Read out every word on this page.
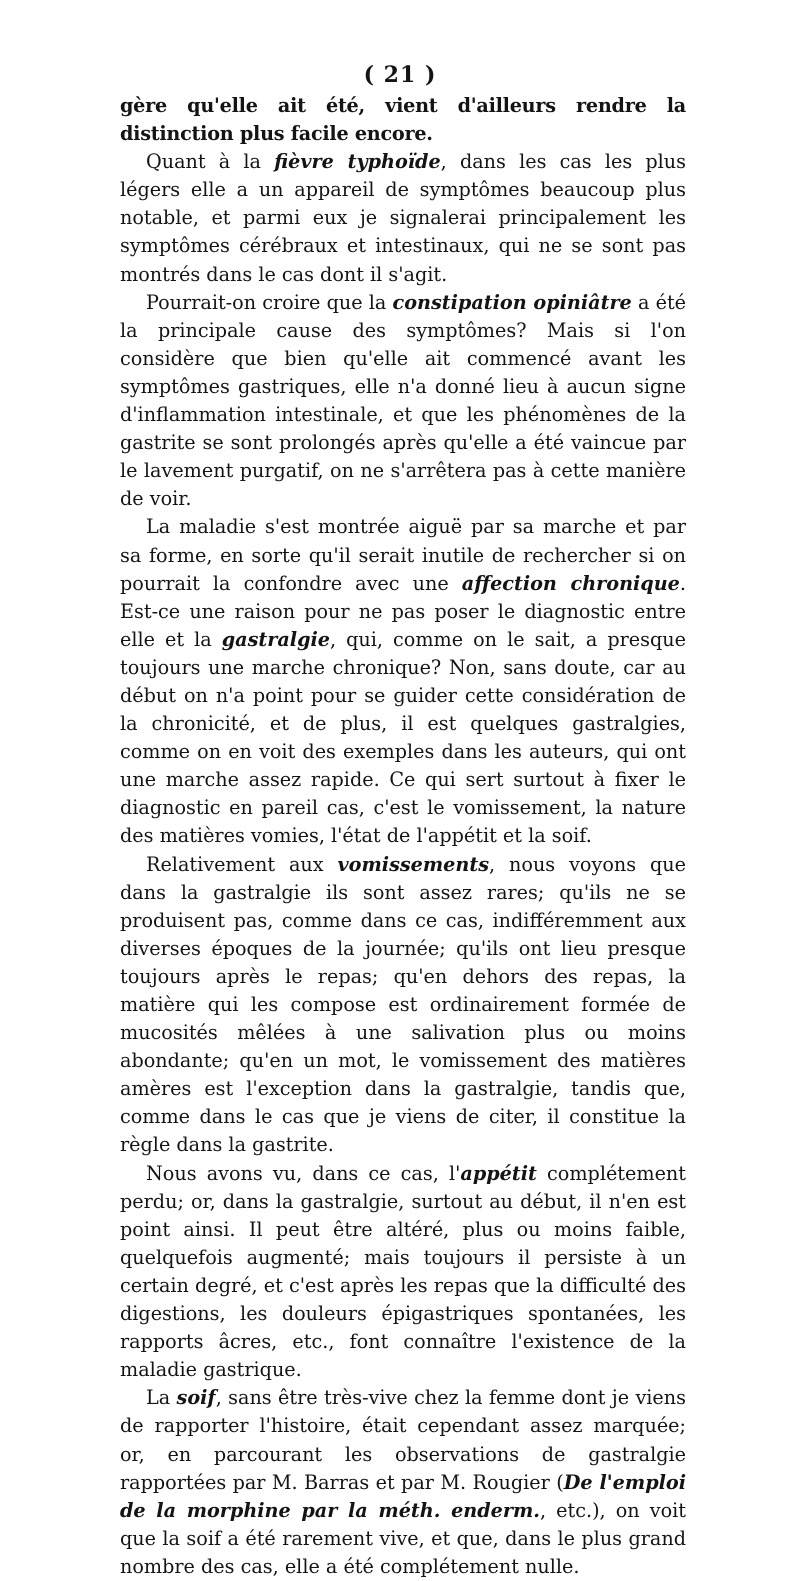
( 21 )

gère qu'elle ait été, vient d'ailleurs rendre la distinction plus facile encore.

Quant à la fièvre typhoïde, dans les cas les plus légers elle a un appareil de symptômes beaucoup plus notable, et parmi eux je signalerai principalement les symptômes cérébraux et intestinaux, qui ne se sont pas montrés dans le cas dont il s'agit.

Pourrait-on croire que la constipation opiniâtre a été la principale cause des symptômes? Mais si l'on considère que bien qu'elle ait commencé avant les symptômes gastriques, elle n'a donné lieu à aucun signe d'inflammation intestinale, et que les phénomènes de la gastrite se sont prolongés après qu'elle a été vaincue par le lavement purgatif, on ne s'arrêtera pas à cette manière de voir.

La maladie s'est montrée aiguë par sa marche et par sa forme, en sorte qu'il serait inutile de rechercher si on pourrait la confondre avec une affection chronique. Est-ce une raison pour ne pas poser le diagnostic entre elle et la gastralgie, qui, comme on le sait, a presque toujours une marche chronique? Non, sans doute, car au début on n'a point pour se guider cette considération de la chronicité, et de plus, il est quelques gastralgies, comme on en voit des exemples dans les auteurs, qui ont une marche assez rapide. Ce qui sert surtout à fixer le diagnostic en pareil cas, c'est le vomissement, la nature des matières vomies, l'état de l'appétit et la soif.

Relativement aux vomissements, nous voyons que dans la gastralgie ils sont assez rares; qu'ils ne se produisent pas, comme dans ce cas, indifféremment aux diverses époques de la journée; qu'ils ont lieu presque toujours après le repas; qu'en dehors des repas, la matière qui les compose est ordinairement formée de mucosités mêlées à une salivation plus ou moins abondante; qu'en un mot, le vomissement des matières amères est l'exception dans la gastralgie, tandis que, comme dans le cas que je viens de citer, il constitue la règle dans la gastrite.

Nous avons vu, dans ce cas, l'appétit complétement perdu; or, dans la gastralgie, surtout au début, il n'en est point ainsi. Il peut être altéré, plus ou moins faible, quelquefois augmenté; mais toujours il persiste à un certain degré, et c'est après les repas que la difficulté des digestions, les douleurs épigastriques spontanées, les rapports âcres, etc., font connaître l'existence de la maladie gastrique.

La soif, sans être très-vive chez la femme dont je viens de rapporter l'histoire, était cependant assez marquée; or, en parcourant les observations de gastralgie rapportées par M. Barras et par M. Rougier (De l'emploi de la morphine par la méth. enderm., etc.), on voit que la soif a été rarement vive, et que, dans le plus grand nombre des cas, elle a été complétement nulle.
